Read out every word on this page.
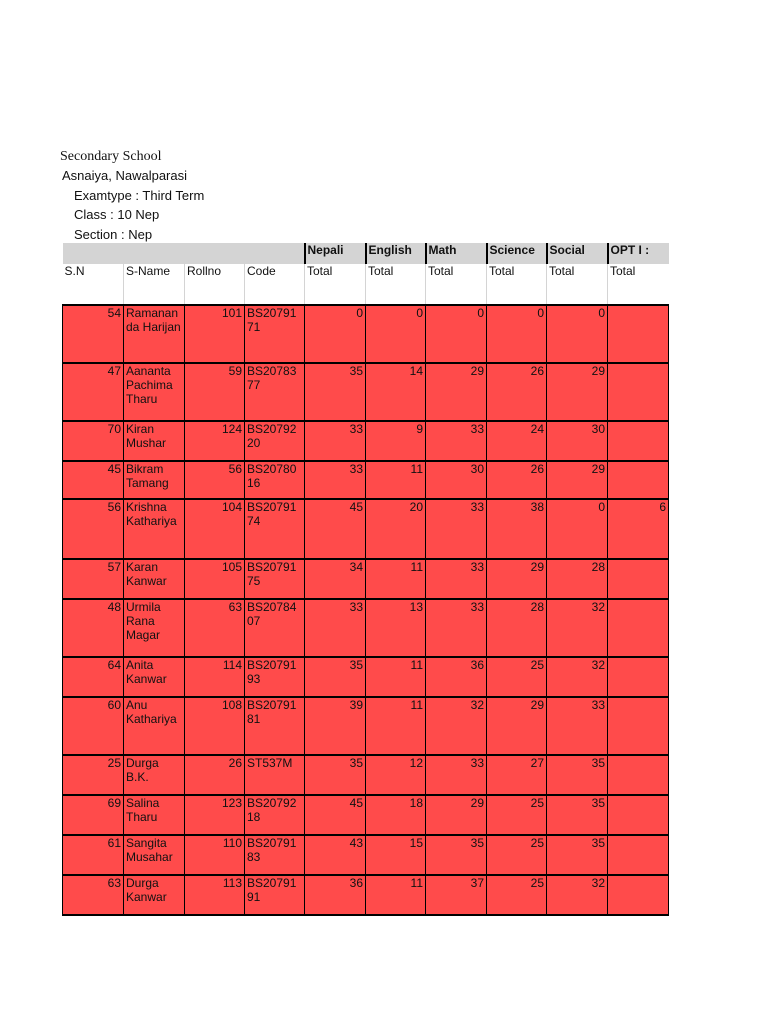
Secondary School
Asnaiya, Nawalparasi
Examtype : Third Term
Class : 10 Nep
Section : Nep
				Nepali	English	Math	Science	Social	OPT I :
S.N	S-Name	Rollno	Code	Total	Total	Total	Total	Total	Total
54	Ramanan da Harijan	101	BS2079171	0	0	0	0	0	
47	Aananta Pachima Tharu	59	BS2078377	35	14	29	26	29	
70	Kiran Mushar	124	BS2079220	33	9	33	24	30	
45	Bikram Tamang	56	BS2078016	33	11	30	26	29	
56	Krishna Kathariya	104	BS2079174	45	20	33	38	0	6
57	Karan Kanwar	105	BS2079175	34	11	33	29	28	
48	Urmila Rana Magar	63	BS2078407	33	13	33	28	32	
64	Anita Kanwar	114	BS2079193	35	11	36	25	32	
60	Anu Kathariya	108	BS2079181	39	11	32	29	33	
25	Durga B.K.	26	ST537M	35	12	33	27	35	
69	Salina Tharu	123	BS2079218	45	18	29	25	35	
61	Sangita Musahar	110	BS2079183	43	15	35	25	35	
63	Durga Kanwar	113	BS2079191	36	11	37	25	32	
